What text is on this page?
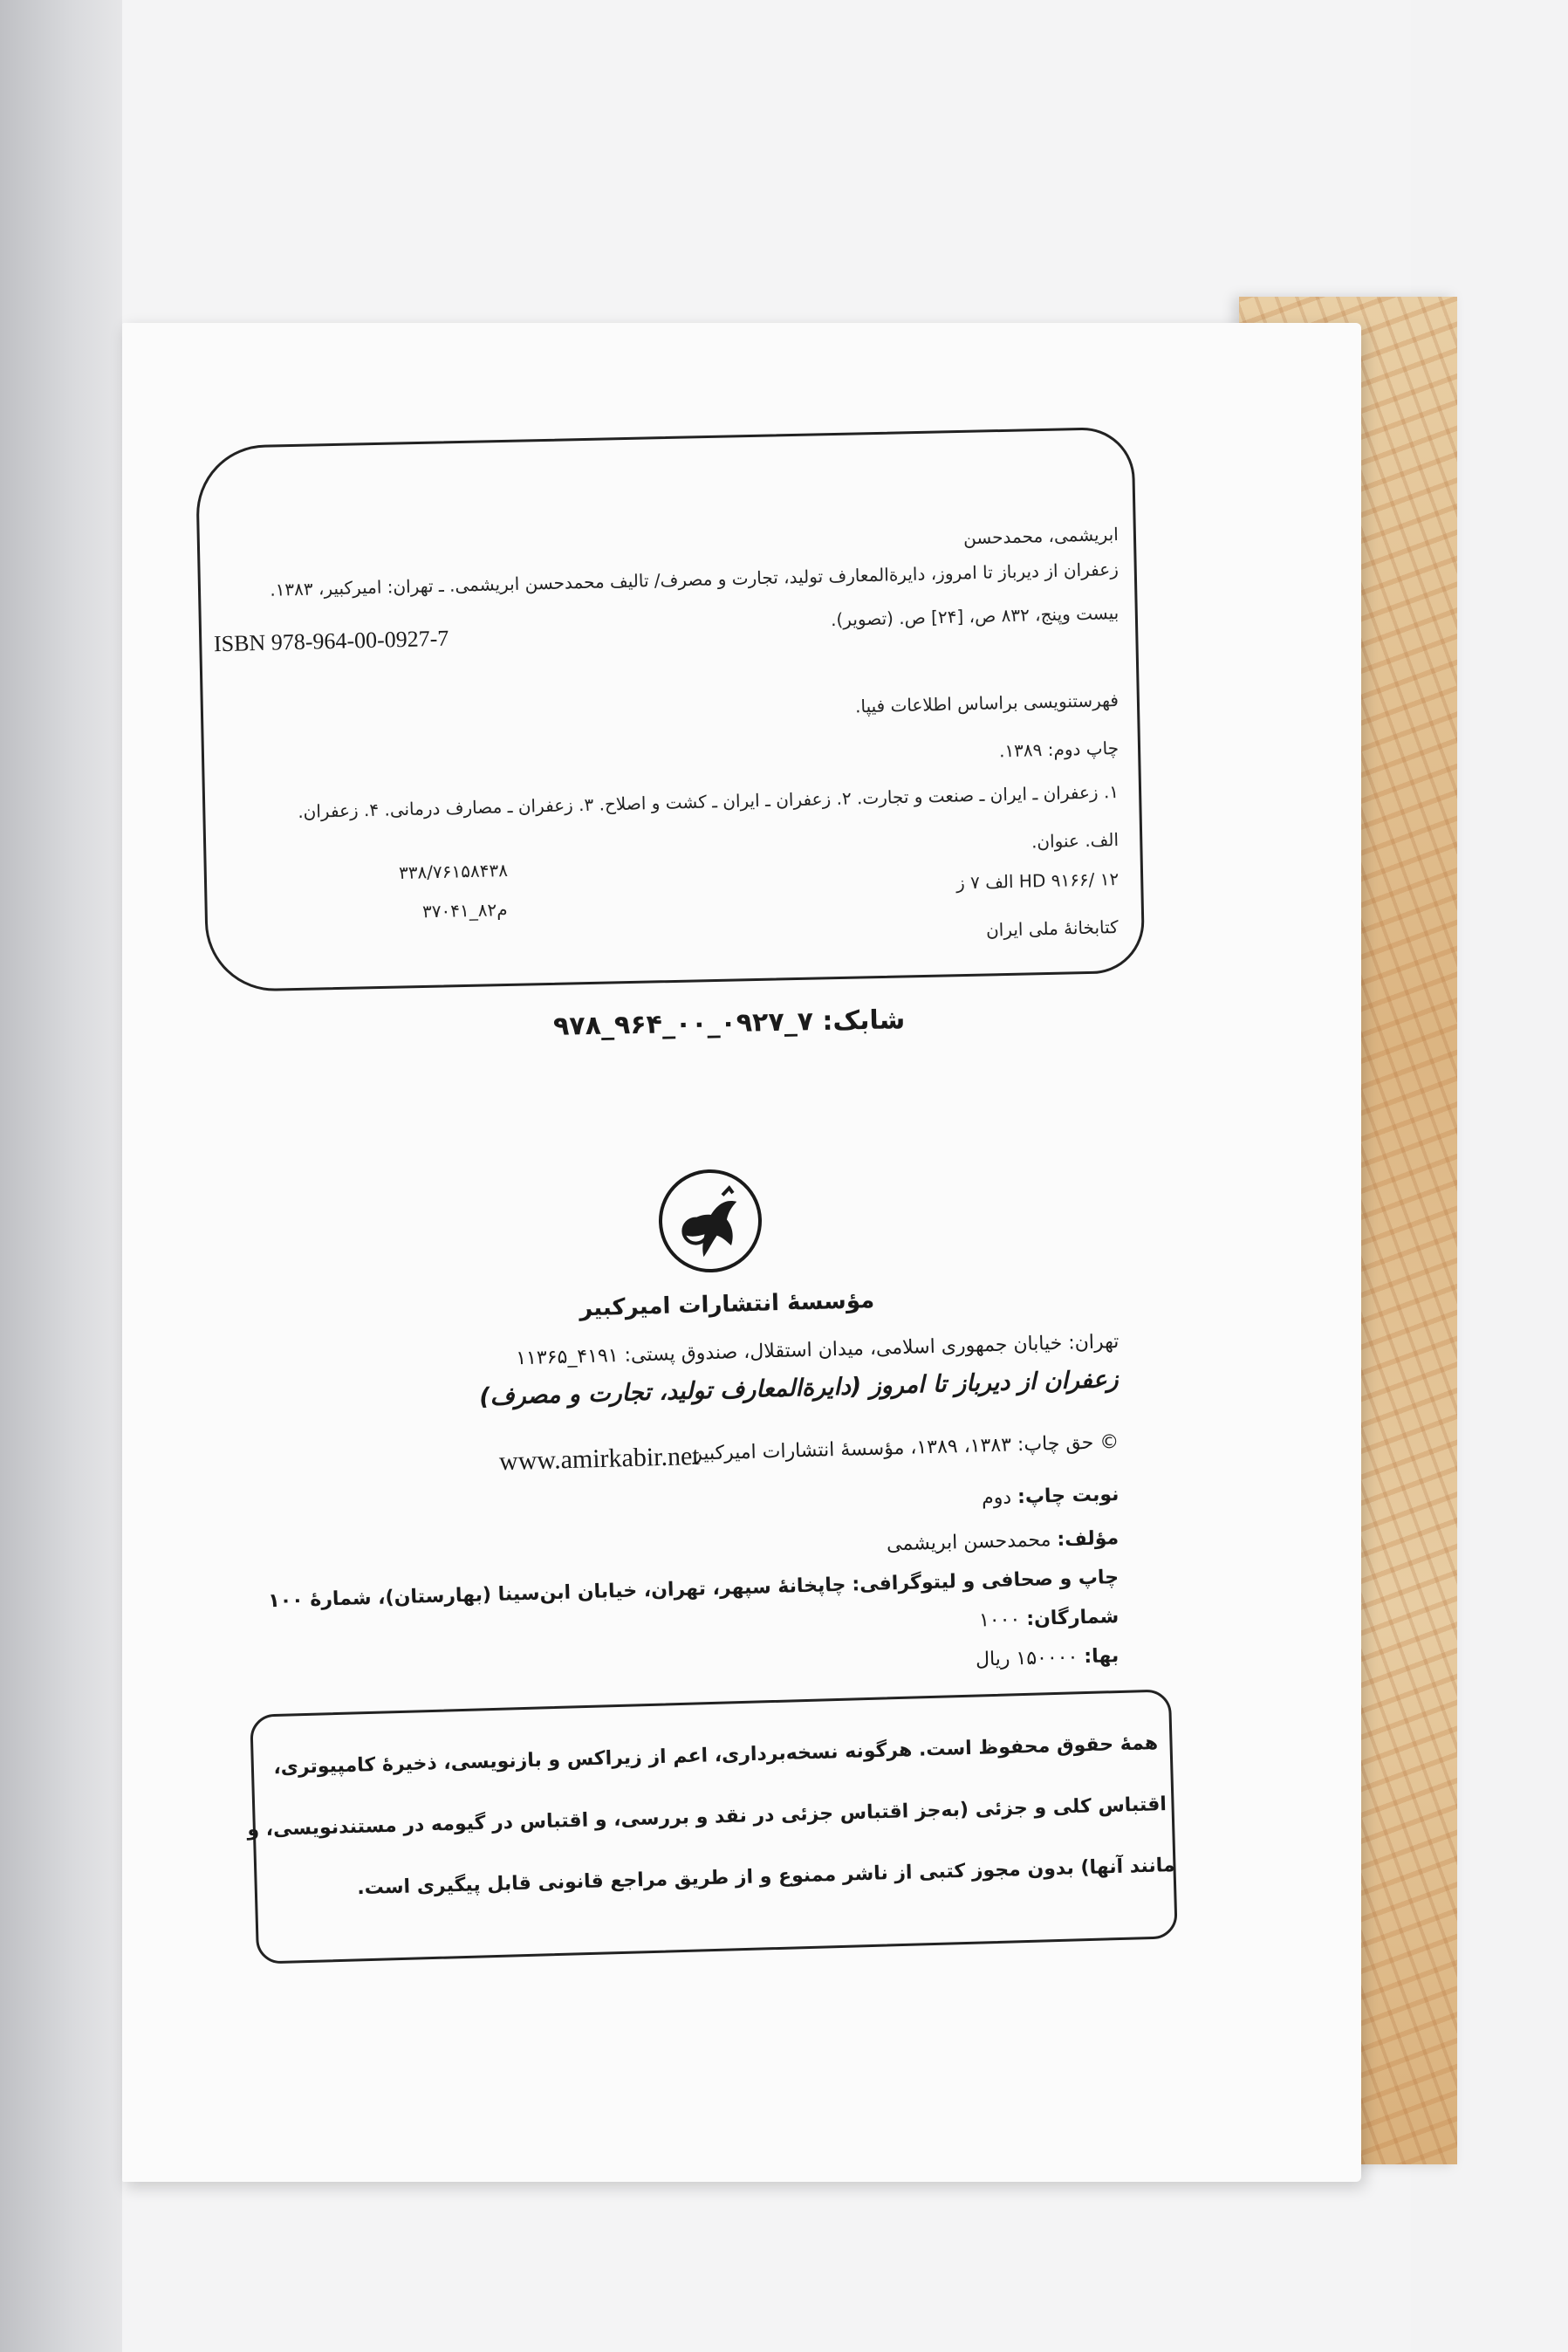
ابریشمی، محمدحسن
زعفران از دیرباز تا امروز، دایرةالمعارف تولید، تجارت و مصرف/ تالیف محمدحسن ابریشمی. ـ تهران: امیرکبیر، ۱۳۸۳.
بیست وپنج، ۸۳۲ ص، [۲۴] ص. (تصویر).
ISBN 978-964-00-0927-7
فهرستنویسی براساس اطلاعات فیپا.
چاپ دوم: ۱۳۸۹.
۱. زعفران ـ ایران ـ صنعت و تجارت. ۲. زعفران ـ ایران ـ کشت و اصلاح. ۳. زعفران ـ مصارف درمانی. ۴. زعفران.
الف. عنوان.
HD ۹۱۶۶/ ۱۲ الف ۷ ز
۳۳۸/۷۶۱۵۸۴۳۸
کتابخانهٔ ملی ایران
م۸۲_۳۷۰۴۱
شابک: ۷_۰۹۲۷_۰۰_۹۶۴_۹۷۸
مؤسسهٔ انتشارات امیرکبیر
تهران: خیابان جمهوری اسلامی، میدان استقلال، صندوق پستی: ۴۱۹۱_۱۱۳۶۵
زعفران از دیرباز تا امروز (دایرةالمعارف تولید، تجارت و مصرف)
© حق چاپ: ۱۳۸۳، ۱۳۸۹، مؤسسهٔ انتشارات امیرکبیر
www.amirkabir.net
نوبت چاپ: دوم
مؤلف: محمدحسن ابریشمی
چاپ و صحافی و لیتوگرافی: چاپخانهٔ سپهر، تهران، خیابان ابن‌سینا (بهارستان)، شمارهٔ ۱۰۰
شمارگان: ۱۰۰۰
بها: ۱۵۰۰۰۰ ریال
همهٔ حقوق محفوظ است. هرگونه نسخه‌برداری، اعم از زیراکس و بازنویسی، ذخیرهٔ کامپیوتری،
اقتباس کلی و جزئی (به‌جز اقتباس جزئی در نقد و بررسی، و اقتباس در گیومه در مستندنویسی، و
مانند آنها) بدون مجوز کتبی از ناشر ممنوع و از طریق مراجع قانونی قابل پیگیری است.
